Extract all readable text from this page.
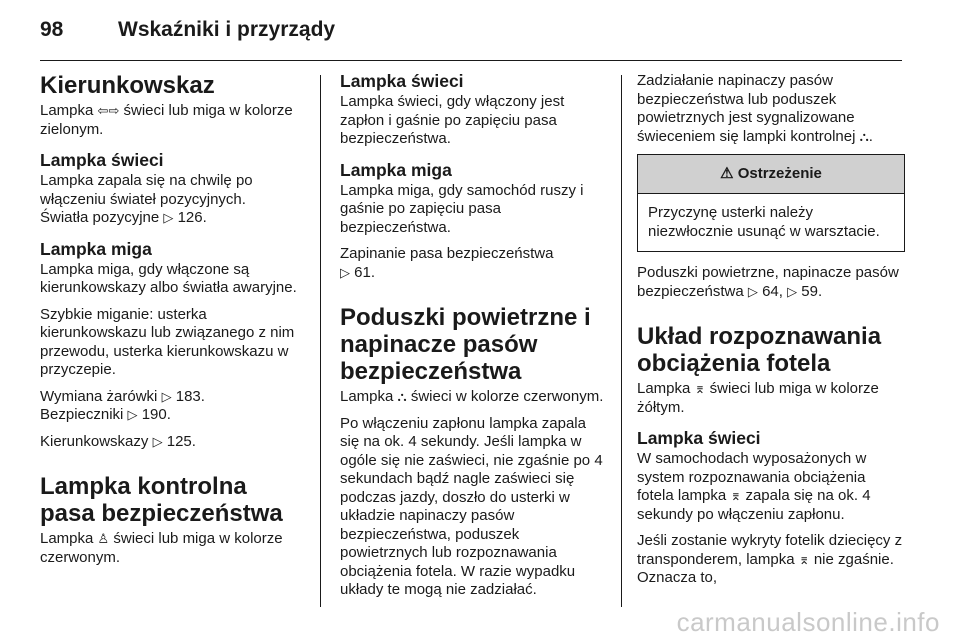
98	Wskaźniki i przyrządy
Kierunkowskaz

Lampka ⇦⇨ świeci lub miga w kolorze zielonym.

Lampka świeci

Lampka zapala się na chwilę po włączeniu świateł pozycyjnych.
Światła pozycyjne ▷ 126.

Lampka miga

Lampka miga, gdy włączone są kierunkowskazy albo światła awaryjne.

Szybkie miganie: usterka kierunkowskazu lub związanego z nim przewodu, usterka kierunkowskazu w przyczepie.

Wymiana żarówki ▷ 183.
Bezpieczniki ▷ 190.

Kierunkowskazy ▷ 125.

Lampka kontrolna pasa bezpieczeństwa

Lampka ♙ świeci lub miga w kolorze czerwonym.

Lampka świeci

Lampka świeci, gdy włączony jest zapłon i gaśnie po zapięciu pasa bezpieczeństwa.

Lampka miga

Lampka miga, gdy samochód ruszy i gaśnie po zapięciu pasa bezpieczeństwa.

Zapinanie pasa bezpieczeństwa
▷ 61.

Poduszki powietrzne i napinacze pasów bezpieczeństwa

Lampka ⛬ świeci w kolorze czerwonym.

Po włączeniu zapłonu lampka zapala się na ok. 4 sekundy. Jeśli lampka w ogóle się nie zaświeci, nie zgaśnie po 4 sekundach bądź nagle zaświeci się podczas jazdy, doszło do usterki w układzie napinaczy pasów bezpieczeństwa, poduszek powietrznych lub rozpoznawania obciążenia fotela. W razie wypadku układy te mogą nie zadziałać.

Zadziałanie napinaczy pasów bezpieczeństwa lub poduszek powietrznych jest sygnalizowane świeceniem się lampki kontrolnej ⛬.

⚠ Ostrzeżenie

Przyczynę usterki należy niezwłocznie usunąć w warsztacie.

Poduszki powietrzne, napinacze pasów bezpieczeństwa ▷ 64, ▷ 59.

Układ rozpoznawania obciążenia fotela

Lampka ⌆ świeci lub miga w kolorze żółtym.

Lampka świeci

W samochodach wyposażonych w system rozpoznawania obciążenia fotela lampka ⌆ zapala się na ok. 4 sekundy po włączeniu zapłonu.

Jeśli zostanie wykryty fotelik dziecięcy z transponderem, lampka ⌆ nie zgaśnie. Oznacza to,

carmanualsonline.info
